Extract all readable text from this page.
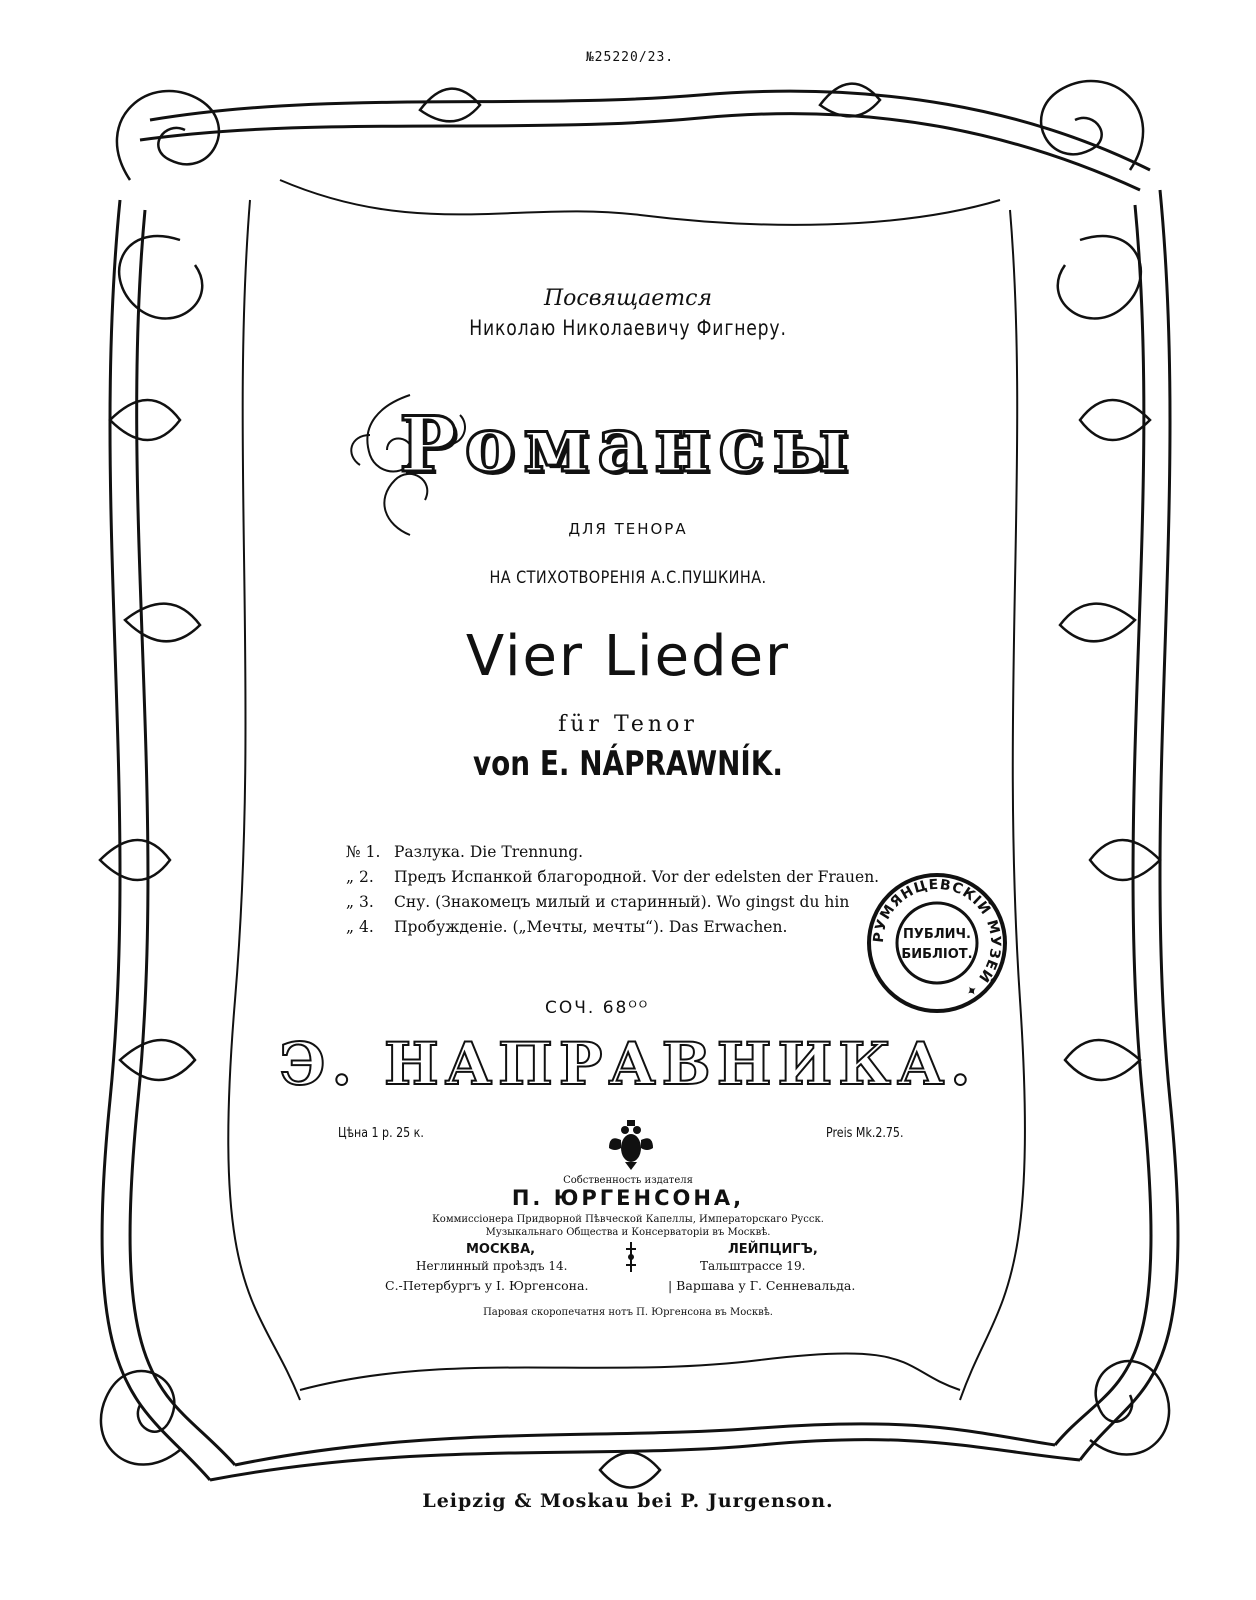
№25220/23.
Посвящается
Николаю Николаевичу Фигнеру.
Романсы
ДЛЯ ТЕНОРА
НА СТИХОТВОРЕНІЯ А.С.ПУШКИНА.
Vier Lieder
für Tenor
von E. NÁPRAWNÍK.
№ 1. Разлука. Die Trennung.
„ 2. Предъ Испанкой благородной. Vor der edelsten der Frauen.
„ 3. Сну. (Знакомецъ милый и старинный). Wo gingst du hin
„ 4. Пробужденіе. („Мечты, мечты“). Das Erwachen.
РУМЯНЦЕВСКІЙ МУЗЕЙ ✦
ПУБЛИЧ.
БИБЛІОТ.
СОЧ. 68ᴼᴼ
Э. НАПРАВНИКА.
Цѣна 1 р. 25 к.	Preis Mk.2.75.
Собственность издателя
П. ЮРГЕНСОНА,
Коммиссіонера Придворной Пѣвческой Капеллы, Императорскаго Русск.
Музыкальнаго Общества и Консерваторіи въ Москвѣ.
МОСКВА,
Неглинный проѣздъ 14.
ЛЕЙПЦИГЪ,
Тальштрассе 19.
С.-Петербургъ у I. Юргенсона.	| Варшава у Г. Сенневальда.
Паровая скоропечатня нотъ П. Юргенсона въ Москвѣ.
Leipzig & Moskau bei P. Jurgenson.
